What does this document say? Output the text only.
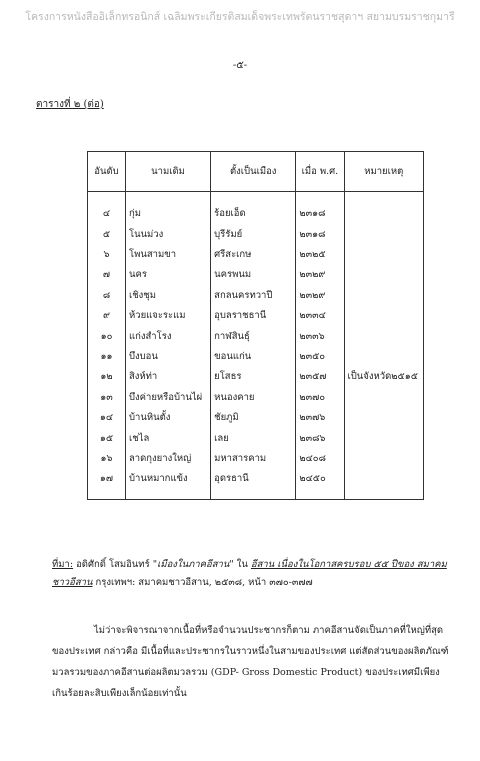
โครงการหนังสืออิเล็กทรอนิกส์ เฉลิมพระเกียรติสมเด็จพระเทพรัตนราชสุดาฯ สยามบรมราชกุมารี
-๕-
ตารางที่ ๒ (ต่อ)
อันดับ	นามเดิม	ตั้งเป็นเมือง	เมื่อ พ.ศ.	หมายเหตุ
๔	กุ่ม	ร้อยเอ็ด	๒๓๑๘	
๕	โนนม่วง	บุรีรัมย์	๒๓๑๘	
๖	โพนสามขา	ศรีสะเกษ	๒๓๒๕	
๗	นคร	นครพนม	๒๓๒๙	
๘	เชิงชุม	สกลนครทวาปี	๒๓๒๙	
๙	ห้วยแจะระแม	อุบลราชธานี	๒๓๓๔	
๑๐	แก่งสำโรง	กาฬสินธุ์	๒๓๓๖	
๑๑	บึงบอน	ขอนแก่น	๒๓๕๐	
๑๒	สิงห์ท่า	ยโสธร	๒๓๕๗	เป็นจังหวัด๒๕๑๕
๑๓	บึงค่ายหรือบ้านไผ่	หนองคาย	๒๓๗๐	
๑๔	บ้านหินตั้ง	ชัยภูมิ	๒๓๗๖	
๑๕	เชไล	เลย	๒๓๘๖	
๑๖	ลาดกุงยางใหญ่	มหาสารคาม	๒๔๐๘	
๑๗	บ้านหมากแข้ง	อุดรธานี	๒๔๕๐	
ที่มา: อดิศักดิ์ โสมอินทร์ "เมืองในภาคอีสาน" ใน อีสาน เนื่องในโอกาสครบรอบ ๕๕ ปีของ สมาคมชาวอีสาน กรุงเทพฯ: สมาคมชาวอีสาน, ๒๕๓๘, หน้า ๓๗๐-๓๗๗
ไม่ว่าจะพิจารณาจากเนื้อที่หรือจำนวนประชากรก็ตาม ภาคอีสานจัดเป็นภาคที่ใหญ่ที่สุด
ของประเทศ กล่าวคือ มีเนื้อที่และประชากรในราวหนึ่งในสามของประเทศ แต่สัดส่วนของผลิตภัณฑ์
มวลรวมของภาคอีสานต่อผลิตมวลรวม (GDP- Gross Domestic Product) ของประเทศมีเพียง
เกินร้อยละสิบเพียงเล็กน้อยเท่านั้น
